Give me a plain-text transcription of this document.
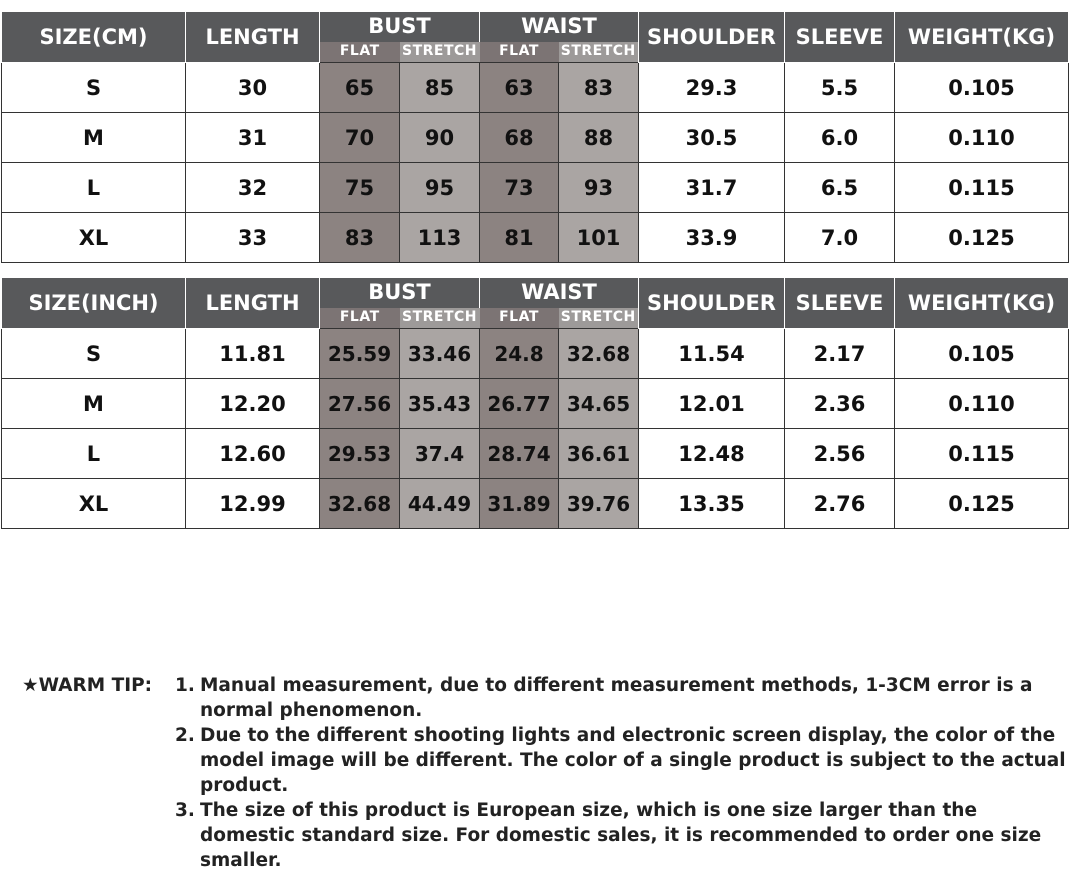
SIZE(CM)	LENGTH	BUST		WAIST		SHOULDER	SLEEVE	WEIGHT(KG)
		FLAT	STRETCH	FLAT	STRETCH			
S	30	65	85	63	83	29.3	5.5	0.105
M	31	70	90	68	88	30.5	6.0	0.110
L	32	75	95	73	93	31.7	6.5	0.115
XL	33	83	113	81	101	33.9	7.0	0.125
SIZE(INCH)	LENGTH	BUST		WAIST		SHOULDER	SLEEVE	WEIGHT(KG)
		FLAT	STRETCH	FLAT	STRETCH			
S	11.81	25.59	33.46	24.8	32.68	11.54	2.17	0.105
M	12.20	27.56	35.43	26.77	34.65	12.01	2.36	0.110
L	12.60	29.53	37.4	28.74	36.61	12.48	2.56	0.115
XL	12.99	32.68	44.49	31.89	39.76	13.35	2.76	0.125
★WARM TIP: 1. Manual measurement, due to different measurement methods, 1-3CM error is a normal phenomenon.
2. Due to the different shooting lights and electronic screen display, the color of the model image will be different. The color of a single product is subject to the actual product.
3. The size of this product is European size, which is one size larger than the domestic standard size. For domestic sales, it is recommended to order one size smaller.
